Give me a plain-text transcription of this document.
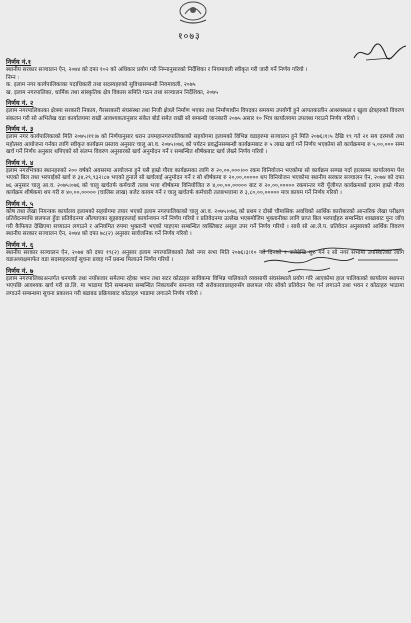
१०७३
निर्णय नं.१
स्थानीय सरकार सञ्चालन ऐन, २०७४ को दफा १०२ को अधिकार प्रयोग गरी निम्नानुसारको निर्देशिका र नियमावली स्वीकृत गरी जारी गर्ने निर्णय गरियो ।
निम्न :
क. इलाम नगर कार्यपालिकाका पदाधिकारी तथा सदस्यहरुको सुविधासम्बन्धी नियमावली, २०७५
ख. इलाम नगरपालिका, धार्मिक तथा सांस्कृतिक क्षेत्र विकास समिति गठन तथा सञ्चालन निर्देशिका, २०७५
निर्णय नं. २
इलाम नगरपालिकाका क्षेत्रमा सरकारी निकाय, गैरसरकारी संघसंस्था तथा निजी क्षेत्रले निर्माण भएका तथा निर्माणाधीन विपदका समयमा उपयोगी हुने आपतकालीन आश्रयस्थल र खुला क्षेत्रहरुको विवरण संकलन गरी सो अभिलेख वडा कार्यालयमा राखी आवश्यकतानुसार संकेत बोर्ड समेत राखी सो सम्बन्धी जानकारी २०७५ असार १० भित्र कार्यालयमा उपलब्ध गराउने निर्णय गरियो ।
निर्णय नं. ३
इलाम नगर कार्यपालिकाको मिति २०७५।११।७ को निर्णयानुसार धरान उपमहानगरपालिकाको सहयोगमा इलामको विभिन्न वडाहरुमा सञ्चालन हुने मिति २०७६।१।५ देखि १९ गते २१ सय दरमध्ये तथा महोत्सव आयोजना गर्नका लागि स्वीकृत कार्यक्रम प्रस्ताव अनुसार चालु आ.व. २०७५।०७६ को पर्यटन प्रवर्द्धनसम्बन्धी कार्यक्रमबाट रु ५ लाख खर्च गर्ने निर्णय भएकोमा सो कार्यक्रममा रु ५,००,००० सम्म खर्च गर्ने निर्णय अनुसार थपिएको सो संलग्न विवरण अनुसारको खर्च अनुमोदन गर्ने र सम्बन्धित शीर्षकबाट खर्च लेख्ने निर्णय गरियो ।
निर्णय नं. ४
इलाम नगरभित्रका स्थानहरुको २०० वर्षको अवसरमा आयोजना हुने यसै हाम्रो गौरव कार्यक्रमका लागि रु २०,००,०००।०० रकम विनियोजन भएकोमा सो कार्यक्रम सम्पन्न गर्दा हालसम्म कार्यालयमा पेश भएको बिल तथा भरपाईको खर्च रु ३४,२९,९३२।८७ भएको हुनाले सो खर्चलाई अनुमोदन गर्ने र सो शीर्षकमा रु २०,००,००००० थप विनियोजन भएकोमा स्थानीय सरकार सञ्चालन ऐन, २०७४ को दफा ७६ अनुसार चालु आ.व. २०७५।०७६ को चालु खर्चतर्फ कर्मचारी तलब भत्ता शीर्षकमा विनियोजित रु ४,००,००,००००० बाट रु २०,००,००००० रकमान्तर गरी पूँजीगत कार्यक्रमको इलाम हाम्रो गौरव कार्यक्रम शीर्षकमा थप गरी रु ४०,००,००००० (चालिस लाख) बजेट कायम गर्ने र चालु खर्चतर्फ कर्मचारी तलबभत्तामा रु ३,८०,००,००००० मात्र कायम गर्ने निर्णय गरियो ।
निर्णय नं. ५
कोष तथा लेखा नियन्त्रक कार्यालय इलामको सहयोगमा तयार भएको इलाम नगरपालिकाको चालु आ.व. २०७५।०७६ को प्रथम र दोस्रो चौमासिक अवधिको आर्थिक कारोबारको आन्तरिक लेखा परीक्षण प्रतिवेदनमाथि छलफल हुँदा प्रतिवेदनमा औंल्याएका सुझावहरुलाई कार्यान्वयन गर्ने निर्णय गरियो र प्रतिवेदनमा उल्लेख भएबमोजिम भुक्तानीका लागि प्राप्त बिल भरपाईहरु सम्बन्धित शाखाबाट पुनः जाँच गरी कैफियत देखिएमा सच्याउन लगाउने र अनियमित रुपमा भुक्तानी भएको पाइएमा सम्बन्धित व्यक्तिबाट असुल उपर गर्ने निर्णय गरियो । साथै सो आ.ले.प. प्रतिवेदन अनुसारको आर्थिक विवरण स्थानीय सरकार सञ्चालन ऐन, २०७४ को दफा ७८(२) अनुसार सार्वजनिक गर्ने निर्णय गरियो ।
निर्णय नं. ६
स्थानीय सरकार सञ्चालन ऐन, २०७४ को दफा १९(२) अनुसार इलाम नगरपालिकाको तेस्रो नगर सभा मिति २०७६।३।१० गते दिनको १ बजेदेखि शुरु गर्ने र सो नगर सभामा उपस्थितिका लागि वडाअध्यक्षमार्फत वडा सदस्यहरुलाई सूचना प्रवाह गर्ने प्रबन्ध मिलाउने निर्णय गरियो ।
निर्णय नं. ७
इलाम नगरपालिकाअन्तर्गत धनपाकै तथा नयाँबजार समेतमा रहेका भवन तथा सटर कोठाहरु साविकमा विभिन्न पालिकाले व्यवसायी संघसंस्थाले प्रयोग गरि आएकोमा हाल पालिकाको कार्यालय स्थापना भएपछि आवश्यक खर्च गरी प्रा.लि. मा भाडामा दिने सम्बन्धमा सम्बन्धित निकायसँग समन्वय गरी सरोकारवालाहरुसँग छलफल गरेर सोको प्रतिवेदन पेश गर्न लगाउने तथा भवन र कोठाहरु भाडामा लगाउने सम्बन्धमा सूचना प्रकाशन गरी बढाबढ प्रक्रियाबाट कोठाहरु भाडामा लगाउने निर्णय गरियो ।
